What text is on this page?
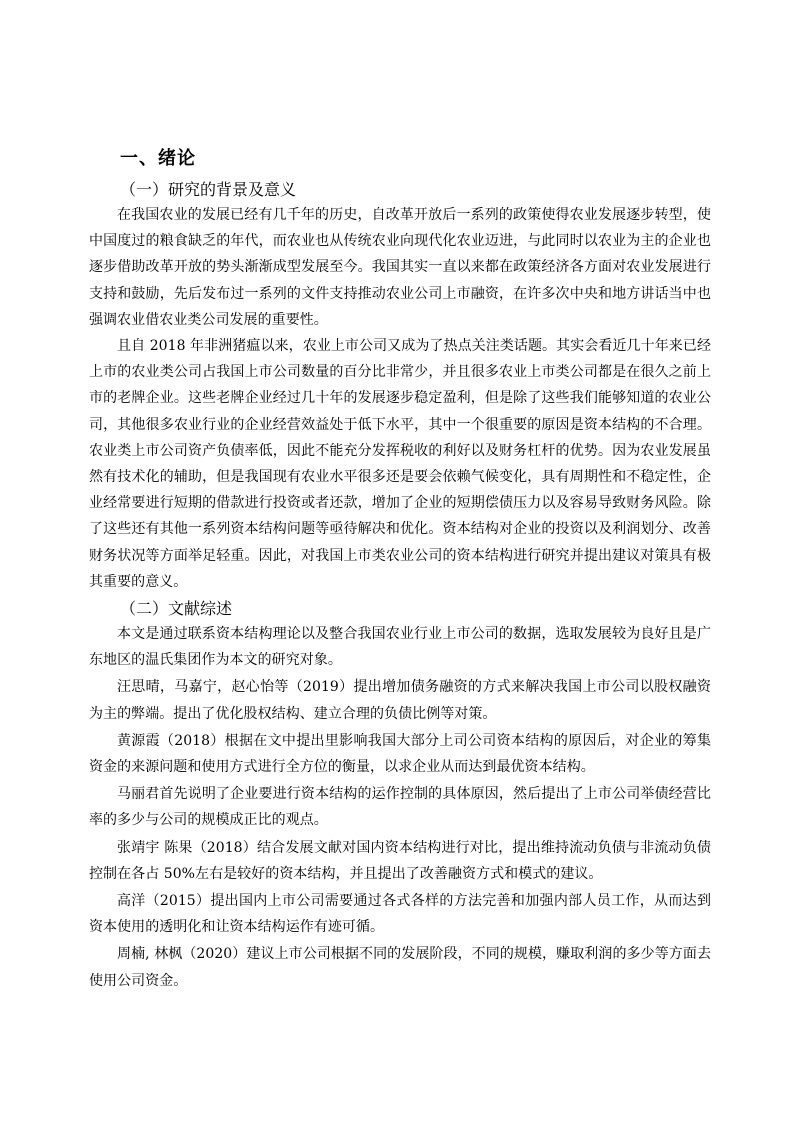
一、绪论
（一）研究的背景及意义

在我国农业的发展已经有几千年的历史，自改革开放后一系列的政策使得农业发展逐步转型，使中国度过的粮食缺乏的年代，而农业也从传统农业向现代化农业迈进，与此同时以农业为主的企业也逐步借助改革开放的势头渐渐成型发展至今。我国其实一直以来都在政策经济各方面对农业发展进行支持和鼓励，先后发布过一系列的文件支持推动农业公司上市融资，在许多次中央和地方讲话当中也强调农业借农业类公司发展的重要性。

且自 2018 年非洲猪瘟以来，农业上市公司又成为了热点关注类话题。其实会看近几十年来已经上市的农业类公司占我国上市公司数量的百分比非常少，并且很多农业上市类公司都是在很久之前上市的老牌企业。这些老牌企业经过几十年的发展逐步稳定盈利，但是除了这些我们能够知道的农业公司，其他很多农业行业的企业经营效益处于低下水平，其中一个很重要的原因是资本结构的不合理。农业类上市公司资产负债率低，因此不能充分发挥税收的利好以及财务杠杆的优势。因为农业发展虽然有技术化的辅助，但是我国现有农业水平很多还是要会依赖气候变化，具有周期性和不稳定性，企业经常要进行短期的借款进行投资或者还款，增加了企业的短期偿债压力以及容易导致财务风险。除了这些还有其他一系列资本结构问题等亟待解决和优化。资本结构对企业的投资以及利润划分、改善财务状况等方面举足轻重。因此，对我国上市类农业公司的资本结构进行研究并提出建议对策具有极其重要的意义。

（二）文献综述

本文是通过联系资本结构理论以及整合我国农业行业上市公司的数据，选取发展较为良好且是广东地区的温氏集团作为本文的研究对象。

汪思晴，马嘉宁，赵心怡等（2019）提出增加债务融资的方式来解决我国上市公司以股权融资为主的弊端。提出了优化股权结构、建立合理的负债比例等对策。

黄源霞（2018）根据在文中提出里影响我国大部分上司公司资本结构的原因后，对企业的筹集资金的来源问题和使用方式进行全方位的衡量，以求企业从而达到最优资本结构。

马丽君首先说明了企业要进行资本结构的运作控制的具体原因，然后提出了上市公司举债经营比率的多少与公司的规模成正比的观点。

张靖宇 陈果（2018）结合发展文献对国内资本结构进行对比，提出维持流动负债与非流动负债控制在各占 50%左右是较好的资本结构，并且提出了改善融资方式和模式的建议。

高洋（2015）提出国内上市公司需要通过各式各样的方法完善和加强内部人员工作，从而达到资本使用的透明化和让资本结构运作有迹可循。

周楠, 林枫（2020）建议上市公司根据不同的发展阶段，不同的规模，赚取利润的多少等方面去使用公司资金。
